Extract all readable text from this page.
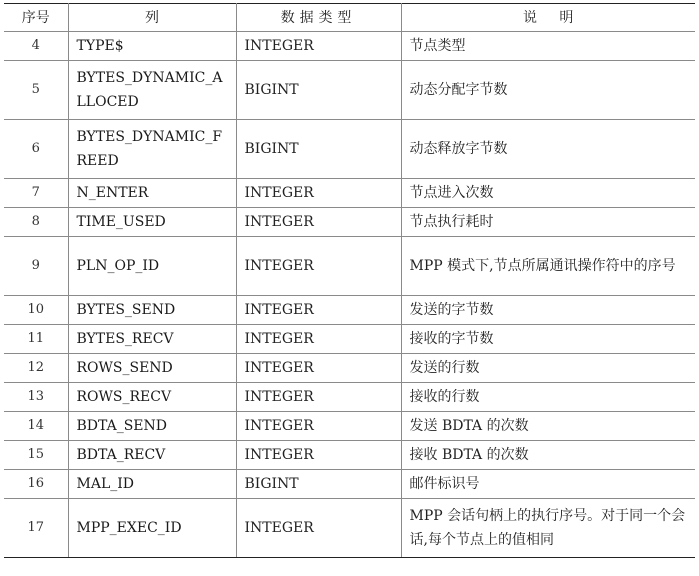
序号	列	数据类型	说明
4	TYPE$	INTEGER	节点类型
5	BYTES_DYNAMIC_ALLOCED	BIGINT	动态分配字节数
6	BYTES_DYNAMIC_FREED	BIGINT	动态释放字节数
7	N_ENTER	INTEGER	节点进入次数
8	TIME_USED	INTEGER	节点执行耗时
9	PLN_OP_ID	INTEGER	MPP 模式下,节点所属通讯操作符中的序号
10	BYTES_SEND	INTEGER	发送的字节数
11	BYTES_RECV	INTEGER	接收的字节数
12	ROWS_SEND	INTEGER	发送的行数
13	ROWS_RECV	INTEGER	接收的行数
14	BDTA_SEND	INTEGER	发送 BDTA 的次数
15	BDTA_RECV	INTEGER	接收 BDTA 的次数
16	MAL_ID	BIGINT	邮件标识号
17	MPP_EXEC_ID	INTEGER	MPP 会话句柄上的执行序号。对于同一个会话,每个节点上的值相同
